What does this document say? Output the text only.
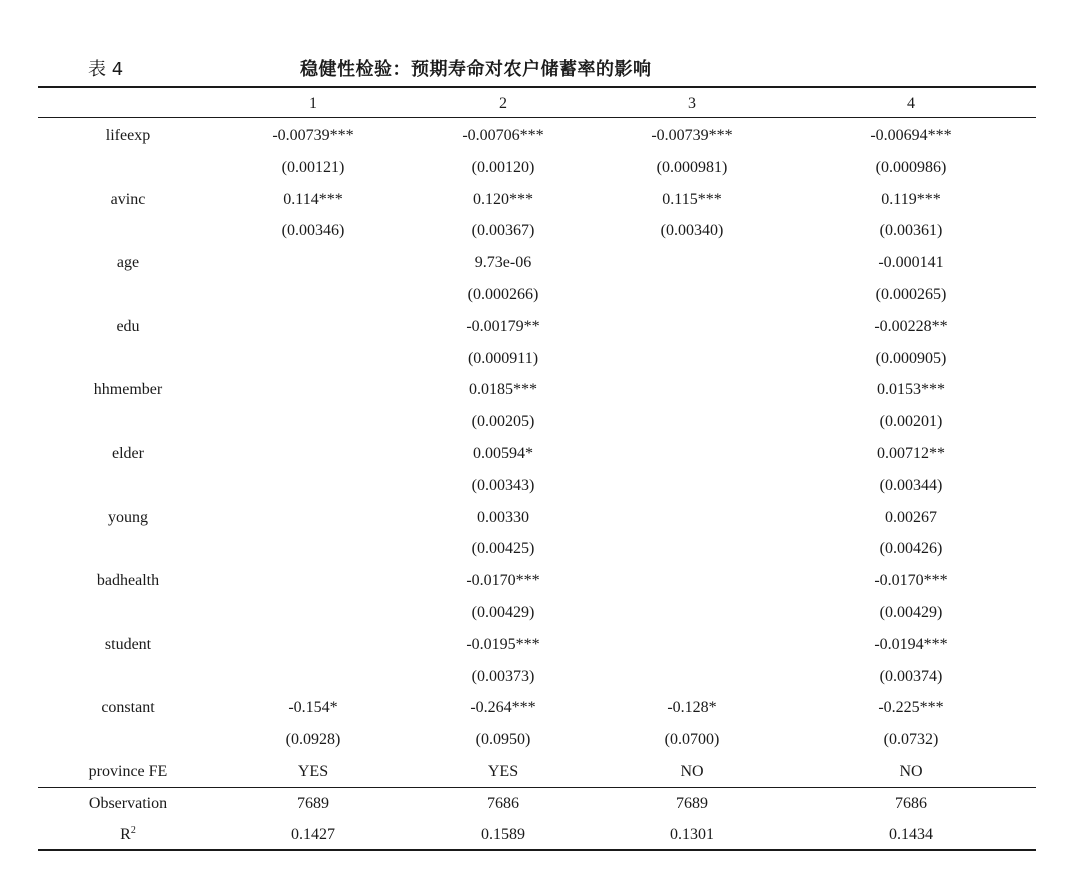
表 4	稳健性检验：预期寿命对农户储蓄率的影响
	1	2	3	4
lifeexp	-0.00739***	-0.00706***	-0.00739***	-0.00694***
	(0.00121)	(0.00120)	(0.000981)	(0.000986)
avinc	0.114***	0.120***	0.115***	0.119***
	(0.00346)	(0.00367)	(0.00340)	(0.00361)
age		9.73e-06		-0.000141
		(0.000266)		(0.000265)
edu		-0.00179**		-0.00228**
		(0.000911)		(0.000905)
hhmember		0.0185***		0.0153***
		(0.00205)		(0.00201)
elder		0.00594*		0.00712**
		(0.00343)		(0.00344)
young		0.00330		0.00267
		(0.00425)		(0.00426)
badhealth		-0.0170***		-0.0170***
		(0.00429)		(0.00429)
student		-0.0195***		-0.0194***
		(0.00373)		(0.00374)
constant	-0.154*	-0.264***	-0.128*	-0.225***
	(0.0928)	(0.0950)	(0.0700)	(0.0732)
province FE	YES	YES	NO	NO
Observation	7689	7686	7689	7686
$R^2$	0.1427	0.1589	0.1301	0.1434
